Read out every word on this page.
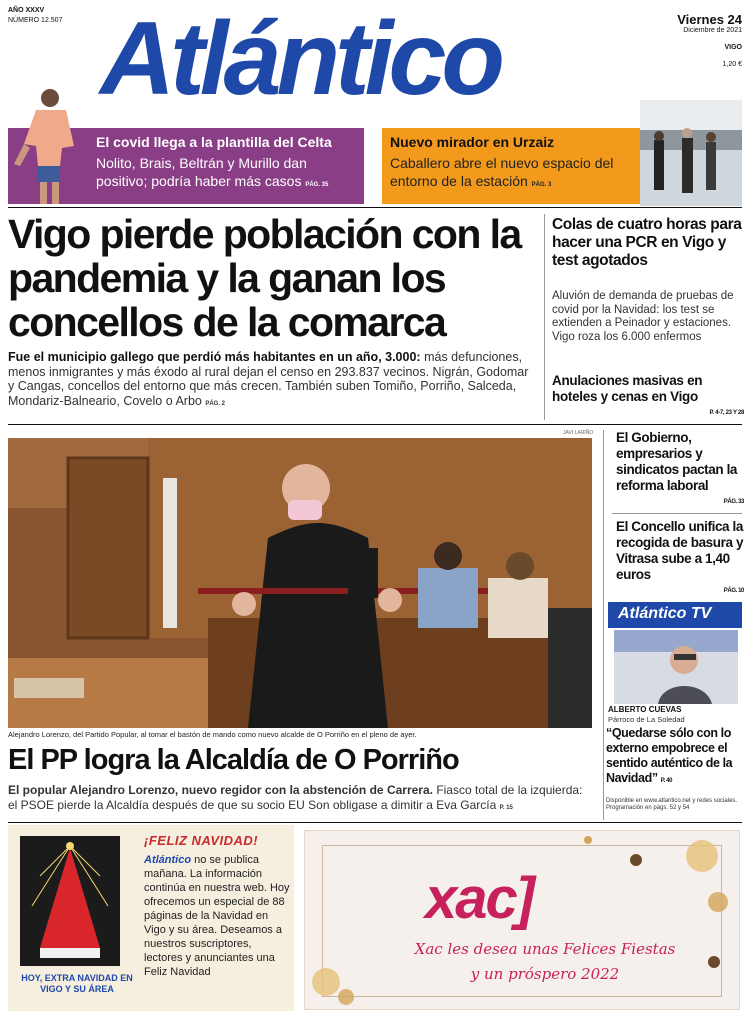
AÑO XXXV
NÚMERO 12.507 Atlántico	Viernes 24
Diciembre de 2021
VIGO
1,20 €
El covid llega a la plantilla del Celta
Nolito, Brais, Beltrán y Murillo dan positivo; podría haber más casos PÁG. 35
Nuevo mirador en Urzaiz
Caballero abre el nuevo espacio del entorno de la estación PÁG. 3
Vigo pierde población con la pandemia y la ganan los concellos de la comarca
Fue el municipio gallego que perdió más habitantes en un año, 3.000: más defunciones, menos inmigrantes y más éxodo al rural dejan el censo en 293.837 vecinos. Nigrán, Godomar y Cangas, concellos del entorno que más crecen. También suben Tomiño, Porriño, Salceda, Mondariz-Balneario, Covelo o Arbo PÁG. 2
Colas de cuatro horas para hacer una PCR en Vigo y test agotados
Aluvión de demanda de pruebas de covid por la Navidad: los test se extienden a Peinador y estaciones. Vigo roza los 6.000 enfermos
Anulaciones masivas en hoteles y cenas en Vigo
P. 4-7, 23 Y 28
JAVI LARIÑO
Alejandro Lorenzo, del Partido Popular, al tomar el bastón de mando como nuevo alcalde de O Porriño en el pleno de ayer.
El PP logra la Alcaldía de O Porriño
El popular Alejandro Lorenzo, nuevo regidor con la abstención de Carrera. Fiasco total de la izquierda: el PSOE pierde la Alcaldía después de que su socio EU Son obligase a dimitir a Eva García P. 15
El Gobierno, empresarios y sindicatos pactan la reforma laboral
PÁG. 33
El Concello unifica la recogida de basura y Vitrasa sube a 1,40 euros
PÁG. 10
Atlántico TV
ALBERTO CUEVAS
Párroco de La Soledad
“Quedarse sólo con lo externo empobrece el sentido auténtico de la Navidad” P. 40
Disponible en www.atlantico.net y redes sociales. Programación en págs. 52 y 54
HOY, EXTRA NAVIDAD EN VIGO Y SU ÁREA
¡FELIZ NAVIDAD!
Atlántico no se publica mañana. La información continúa en nuestra web. Hoy ofrecemos un especial de 88 páginas de la Navidad en Vigo y su área. Deseamos a nuestros suscriptores, lectores y anunciantes una Feliz Navidad
xac]
Xac les desea unas Felices Fiestas
y un próspero 2022
